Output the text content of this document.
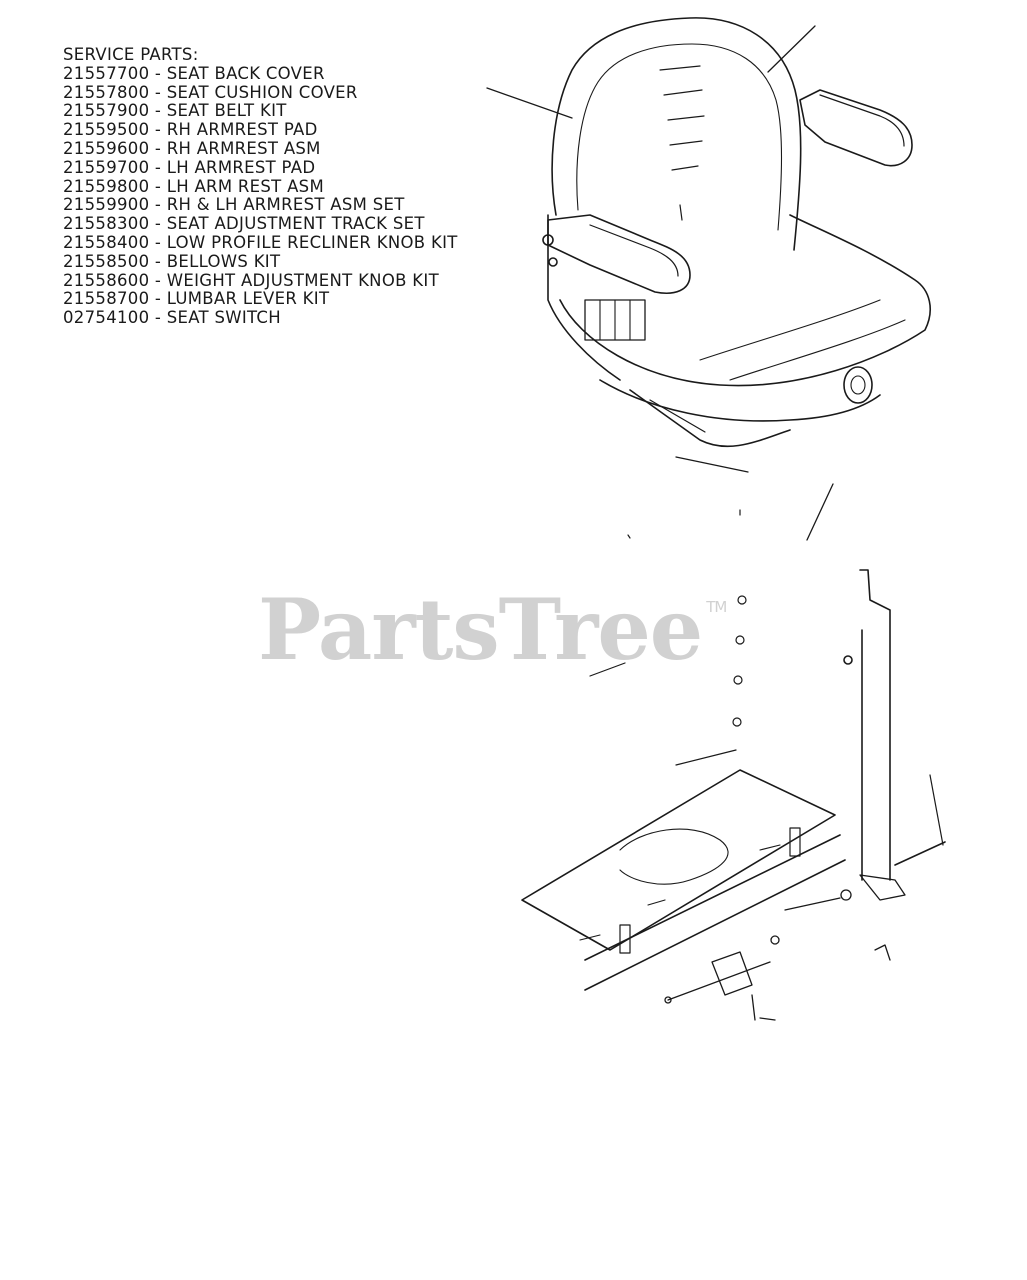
SERVICE PARTS:
21557700 - SEAT BACK COVER
21557800 - SEAT CUSHION COVER
21557900 - SEAT BELT KIT
21559500 - RH ARMREST PAD
21559600 - RH ARMREST ASM
21559700 - LH ARMREST PAD
21559800 - LH ARM REST ASM
21559900 - RH & LH ARMREST ASM SET
21558300 - SEAT ADJUSTMENT TRACK SET
21558400 - LOW PROFILE RECLINER KNOB KIT
21558500 - BELLOWS KIT
21558600 - WEIGHT ADJUSTMENT KNOB KIT
21558700 - LUMBAR LEVER KIT
02754100 - SEAT SWITCH
PartsTree ™
